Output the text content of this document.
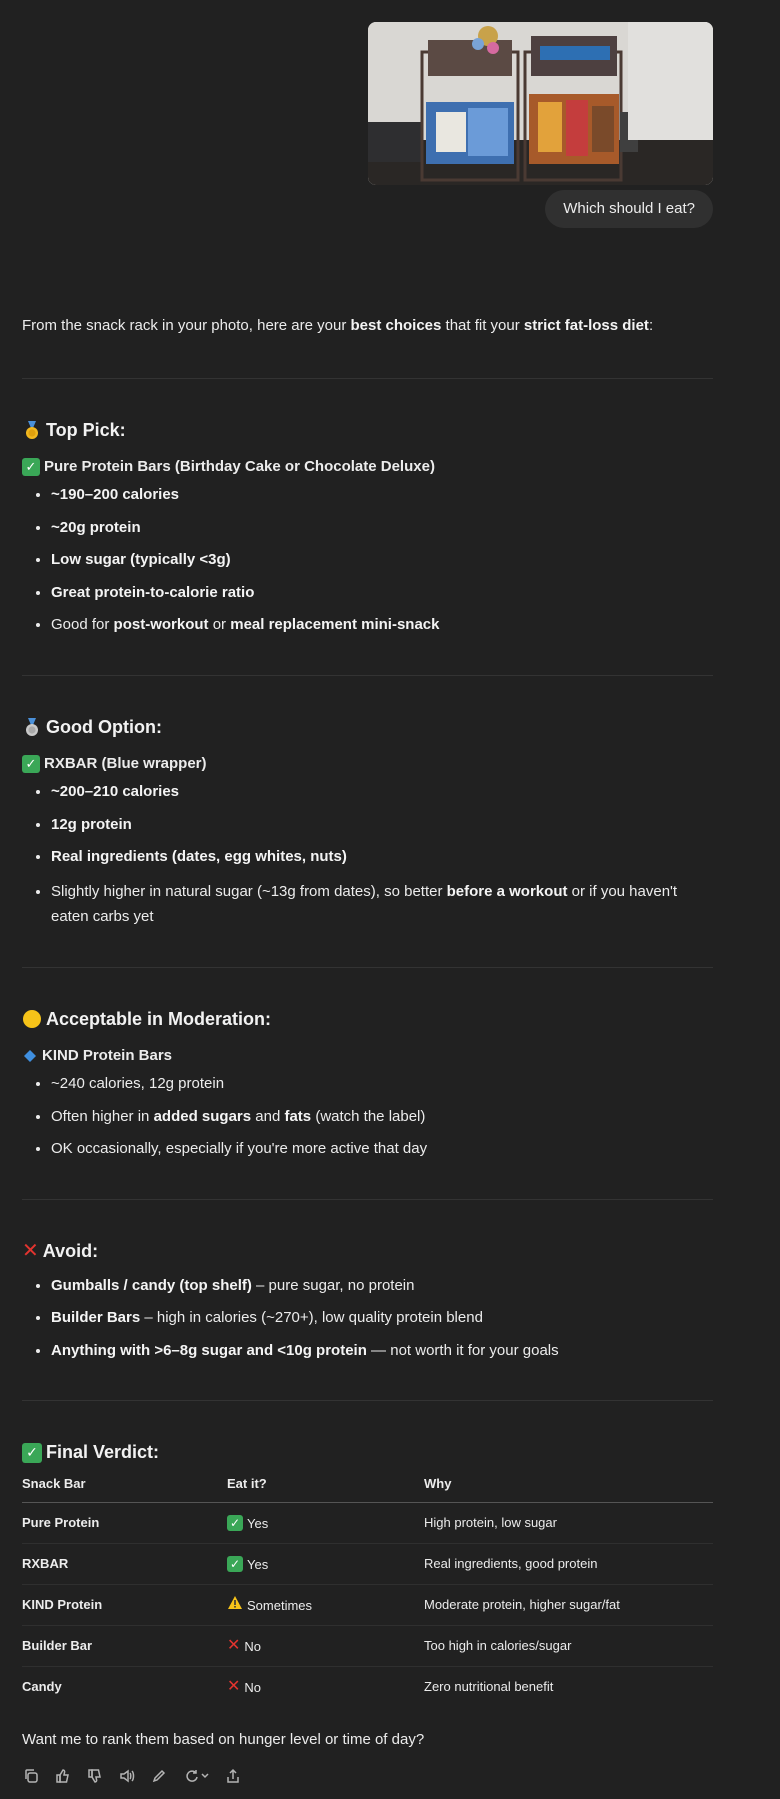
Which should I eat?

From the snack rack in your photo, here are your best choices that fit your strict fat-loss diet:

Top Pick:
✓ Pure Protein Bars (Birthday Cake or Chocolate Deluxe)
• ~190–200 calories
• ~20g protein
• Low sugar (typically <3g)
• Great protein-to-calorie ratio
• Good for post-workout or meal replacement mini-snack
Good Option:
✓ RXBAR (Blue wrapper)
• ~200–210 calories
• 12g protein
• Real ingredients (dates, egg whites, nuts)
• Slightly higher in natural sugar (~13g from dates), so better before a workout or if you haven't eaten carbs yet
Acceptable in Moderation:
KIND Protein Bars
• ~240 calories, 12g protein
• Often higher in added sugars and fats (watch the label)
• OK occasionally, especially if you're more active that day
✕ Avoid:
• Gumballs / candy (top shelf) – pure sugar, no protein
• Builder Bars – high in calories (~270+), low quality protein blend
• Anything with >6–8g sugar and <10g protein — not worth it for your goals
✓ Final Verdict:
Snack Bar	Eat it?	Why
Pure Protein	✓ Yes	High protein, low sugar
RXBAR	✓ Yes	Real ingredients, good protein
KIND Protein	Sometimes	Moderate protein, higher sugar/fat
Builder Bar	✕ No	Too high in calories/sugar
Candy	✕ No	Zero nutritional benefit

Want me to rank them based on hunger level or time of day?
